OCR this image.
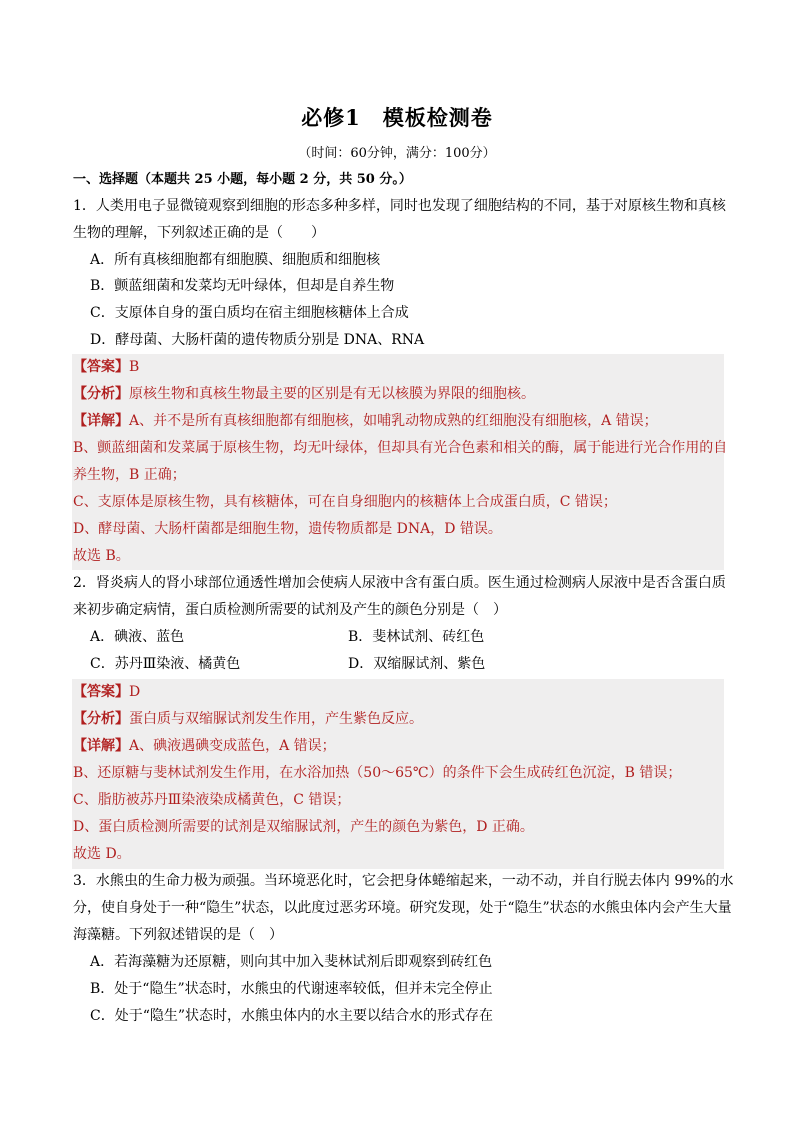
必修1　模板检测卷
（时间：60分钟，满分：100分）
一、选择题（本题共 25 小题，每小题 2 分，共 50 分。）
1．人类用电子显微镜观察到细胞的形态多种多样，同时也发现了细胞结构的不同，基于对原核生物和真核
生物的理解，下列叙述正确的是（　　）
A．所有真核细胞都有细胞膜、细胞质和细胞核
B．颤蓝细菌和发菜均无叶绿体，但却是自养生物
C．支原体自身的蛋白质均在宿主细胞核糖体上合成
D．酵母菌、大肠杆菌的遗传物质分别是 DNA、RNA
【答案】B
【分析】原核生物和真核生物最主要的区别是有无以核膜为界限的细胞核。
【详解】A、并不是所有真核细胞都有细胞核，如哺乳动物成熟的红细胞没有细胞核，A 错误；
B、颤蓝细菌和发菜属于原核生物，均无叶绿体，但却具有光合色素和相关的酶，属于能进行光合作用的自
养生物，B 正确；
C、支原体是原核生物，具有核糖体，可在自身细胞内的核糖体上合成蛋白质，C 错误；
D、酵母菌、大肠杆菌都是细胞生物，遗传物质都是 DNA，D 错误。
故选 B。
2．肾炎病人的肾小球部位通透性增加会使病人尿液中含有蛋白质。医生通过检测病人尿液中是否含蛋白质
来初步确定病情，蛋白质检测所需要的试剂及产生的颜色分别是（　）
A．碘液、蓝色	B．斐林试剂、砖红色
C．苏丹Ⅲ染液、橘黄色	D．双缩脲试剂、紫色
【答案】D
【分析】蛋白质与双缩脲试剂发生作用，产生紫色反应。
【详解】A、碘液遇碘变成蓝色，A 错误；
B、还原糖与斐林试剂发生作用，在水浴加热（50～65℃）的条件下会生成砖红色沉淀，B 错误；
C、脂肪被苏丹Ⅲ染液染成橘黄色，C 错误；
D、蛋白质检测所需要的试剂是双缩脲试剂，产生的颜色为紫色，D 正确。
故选 D。
3．水熊虫的生命力极为顽强。当环境恶化时，它会把身体蜷缩起来，一动不动，并自行脱去体内 99%的水
分，使自身处于一种“隐生”状态，以此度过恶劣环境。研究发现，处于“隐生”状态的水熊虫体内会产生大量
海藻糖。下列叙述错误的是（　）
A．若海藻糖为还原糖，则向其中加入斐林试剂后即观察到砖红色
B．处于“隐生”状态时，水熊虫的代谢速率较低，但并未完全停止
C．处于“隐生”状态时，水熊虫体内的水主要以结合水的形式存在
